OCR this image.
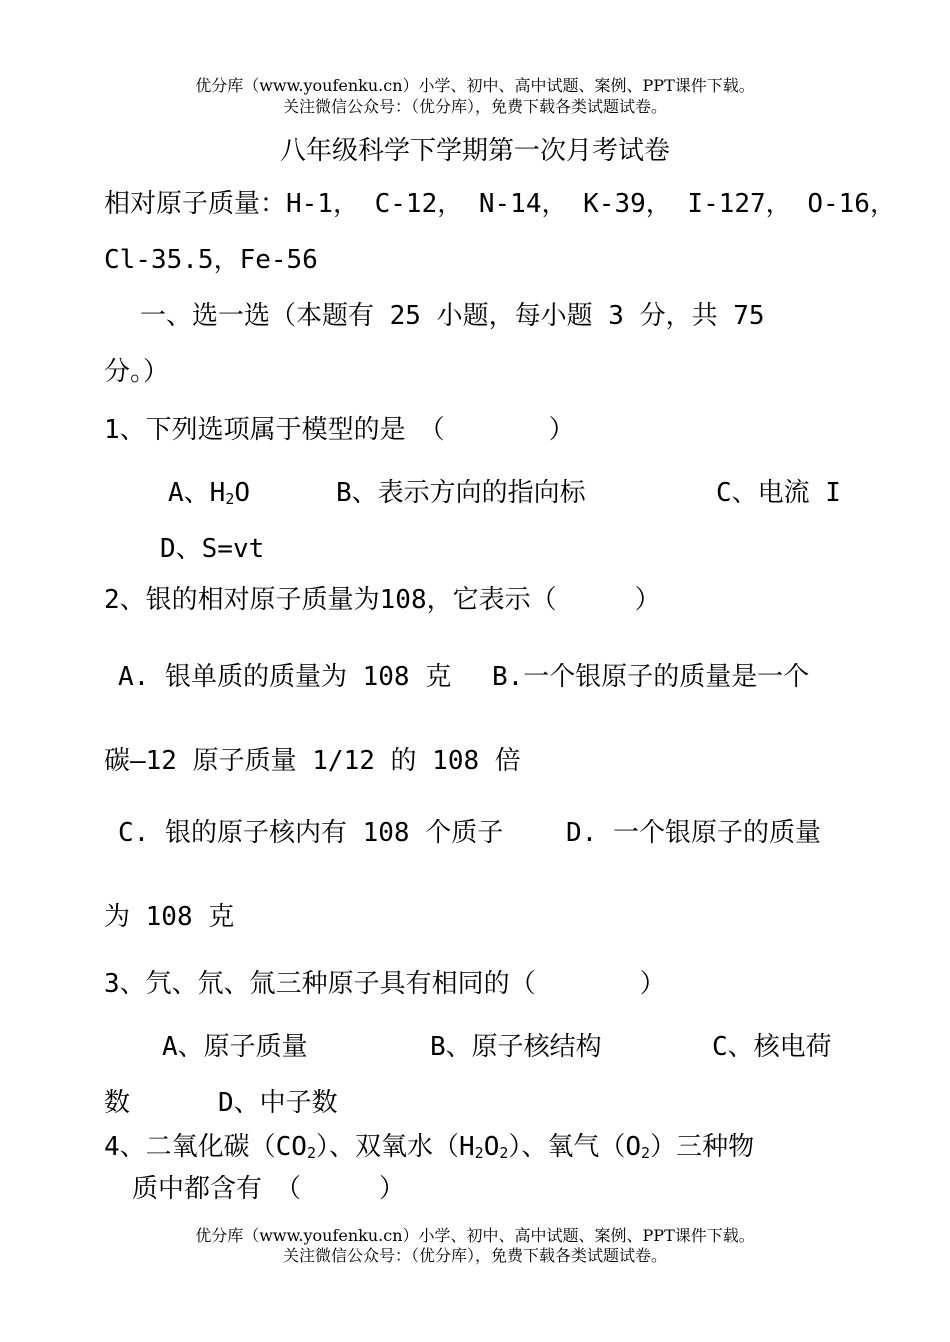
优分库（www.youfenku.cn）小学、初中、高中试题、案例、PPT课件下载。
关注微信公众号：（优分库），免费下载各类试题试卷。
八年级科学下学期第一次月考试卷
相对原子质量：H-1， C-12， N-14， K-39， I-127， O-16，
Cl-35.5，Fe-56
一、选一选（本题有 25 小题，每小题 3 分，共 75
分。）
1、下列选项属于模型的是　（　　　　）
A、$H_2O$	B、表示方向的指向标	C、电流 I
D、S=vt
2、银的相对原子质量为108，它表示（　　　）
A. 银单质的质量为 108 克 B.一个银原子的质量是一个
碳—12 原子质量 1/12 的 108 倍
C. 银的原子核内有 108 个质子 D. 一个银原子的质量
为 108 克
3、氕、氘、氚三种原子具有相同的（　　　　）
A、原子质量	B、原子核结构	C、核电荷
数	D、中子数
4、二氧化碳$(CO_2)$、双氧水$(H_2O_2)$、氧气$(O_2)$三种物
质中都含有　（　　　）
优分库（www.youfenku.cn）小学、初中、高中试题、案例、PPT课件下载。
关注微信公众号：（优分库），免费下载各类试题试卷。
